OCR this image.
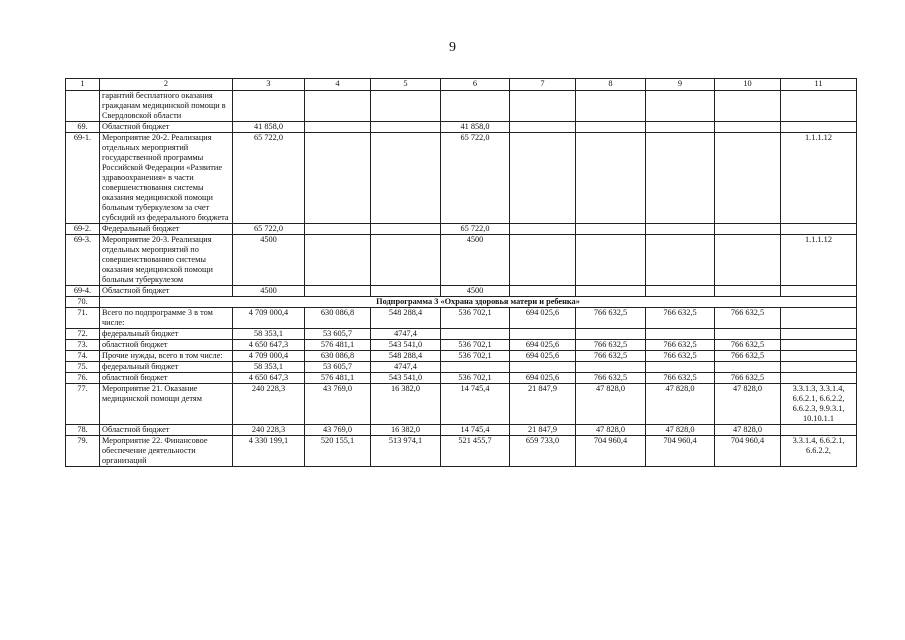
9
1	2	3	4	5	6	7	8	9	10	11
	гарантий бесплатного оказания гражданам медицинской помощи в Свердловской области									
69.	Областной бюджет	41 858,0			41 858,0					
69-1.	Мероприятие 20-2. Реализация отдельных мероприятий государственной программы Российской Федерации «Развитие здравоохранения» в части совершенствования системы оказания медицинской помощи больным туберкулезом за счет субсидий из федерального бюджета	65 722,0			65 722,0					1.1.1.12
69-2.	Федеральный бюджет	65 722,0			65 722,0					
69-3.	Мероприятие 20-3. Реализация отдельных мероприятий по совершенствованию системы оказания медицинской помощи больным туберкулезом	4500			4500					1.1.1.12
69-4.	Областной бюджет	4500			4500					
70.	Подпрограмма 3 «Охрана здоровья матери и ребенка»									
71.	Всего по подпрограмме 3 в том числе:	4 709 000,4	630 086,8	548 288,4	536 702,1	694 025,6	766 632,5	766 632,5	766 632,5	
72.	федеральный бюджет	58 353,1	53 605,7	4747,4						
73.	областной бюджет	4 650 647,3	576 481,1	543 541,0	536 702,1	694 025,6	766 632,5	766 632,5	766 632,5	
74.	Прочие нужды, всего в том числе:	4 709 000,4	630 086,8	548 288,4	536 702,1	694 025,6	766 632,5	766 632,5	766 632,5	
75.	федеральный бюджет	58 353,1	53 605,7	4747,4						
76.	областной бюджет	4 650 647,3	576 481,1	543 541,0	536 702,1	694 025,6	766 632,5	766 632,5	766 632,5	
77.	Мероприятие 21. Оказание медицинской помощи детям	240 228,3	43 769,0	16 382,0	14 745,4	21 847,9	47 828,0	47 828,0	47 828,0	3.3.1.3, 3.3.1.4, 6.6.2.1, 6.6.2.2, 6.6.2.3, 9.9.3.1, 10.10.1.1
78.	Областной бюджет	240 228,3	43 769,0	16 382,0	14 745,4	21 847,9	47 828,0	47 828,0	47 828,0	
79.	Мероприятие 22. Финансовое обеспечение деятельности организаций	4 330 199,1	520 155,1	513 974,1	521 455,7	659 733,0	704 960,4	704 960,4	704 960,4	3.3.1.4, 6.6.2.1, 6.6.2.2,
